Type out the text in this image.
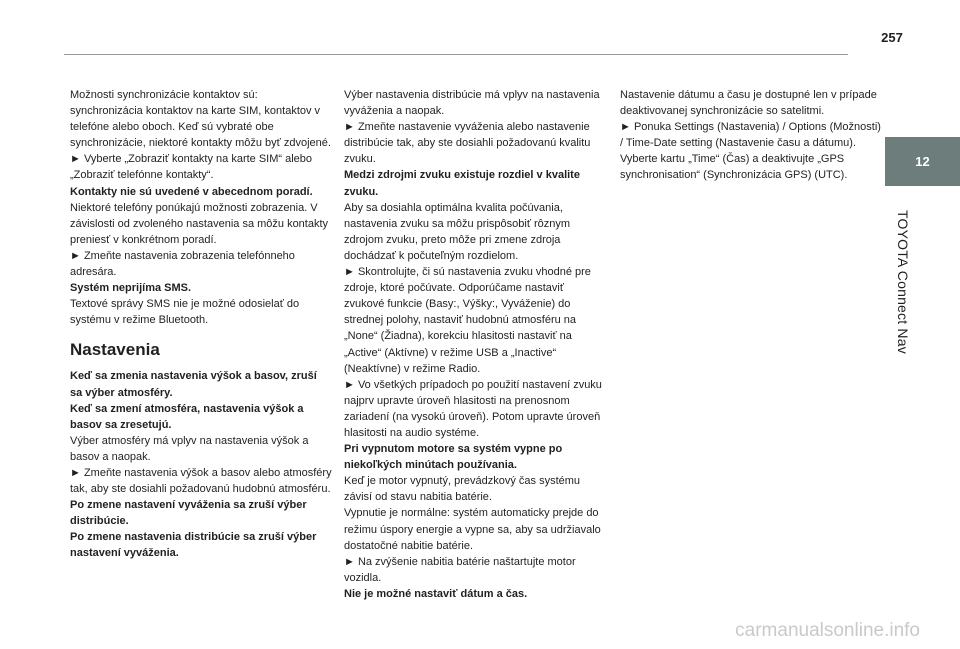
257
12
TOYOTA Connect Nav

Možnosti synchronizácie kontaktov sú: synchronizácia kontaktov na karte SIM, kontaktov v telefóne alebo oboch. Keď sú vybraté obe synchronizácie, niektoré kontakty môžu byť zdvojené.

► Vyberte „Zobraziť kontakty na karte SIM“ alebo „Zobraziť telefónne kontakty“.

Kontakty nie sú uvedené v abecednom poradí.

Niektoré telefóny ponúkajú možnosti zobrazenia. V závislosti od zvoleného nastavenia sa môžu kontakty preniesť v konkrétnom poradí.

► Zmeňte nastavenia zobrazenia telefónneho adresára.

Systém neprijíma SMS.

Textové správy SMS nie je možné odosielať do systému v režime Bluetooth.

Nastavenia

Keď sa zmenia nastavenia výšok a basov, zruší sa výber atmosféry.

Keď sa zmení atmosféra, nastavenia výšok a basov sa zresetujú.

Výber atmosféry má vplyv na nastavenia výšok a basov a naopak.

► Zmeňte nastavenia výšok a basov alebo atmosféry tak, aby ste dosiahli požadovanú hudobnú atmosféru.

Po zmene nastavení vyváženia sa zruší výber distribúcie.

Po zmene nastavenia distribúcie sa zruší výber nastavení vyváženia.

Výber nastavenia distribúcie má vplyv na nastavenia vyváženia a naopak.

► Zmeňte nastavenie vyváženia alebo nastavenie distribúcie tak, aby ste dosiahli požadovanú kvalitu zvuku.

Medzi zdrojmi zvuku existuje rozdiel v kvalite zvuku.

Aby sa dosiahla optimálna kvalita počúvania, nastavenia zvuku sa môžu prispôsobiť rôznym zdrojom zvuku, preto môže pri zmene zdroja dochádzať k počuteľným rozdielom.

► Skontrolujte, či sú nastavenia zvuku vhodné pre zdroje, ktoré počúvate. Odporúčame nastaviť zvukové funkcie (Basy:, Výšky:, Vyváženie) do strednej polohy, nastaviť hudobnú atmosféru na „None“ (Žiadna), korekciu hlasitosti nastaviť na „Active“ (Aktívne) v režime USB a „Inactive“ (Neaktívne) v režime Radio.

► Vo všetkých prípadoch po použití nastavení zvuku najprv upravte úroveň hlasitosti na prenosnom zariadení (na vysokú úroveň). Potom upravte úroveň hlasitosti na audio systéme.

Pri vypnutom motore sa systém vypne po niekoľkých minútach používania.

Keď je motor vypnutý, prevádzkový čas systému závisí od stavu nabitia batérie.

Vypnutie je normálne: systém automaticky prejde do režimu úspory energie a vypne sa, aby sa udržiavalo dostatočné nabitie batérie.

► Na zvýšenie nabitia batérie naštartujte motor vozidla.

Nie je možné nastaviť dátum a čas.

Nastavenie dátumu a času je dostupné len v prípade deaktivovanej synchronizácie so satelitmi.

► Ponuka Settings (Nastavenia) / Options (Možnosti) / Time-Date setting (Nastavenie času a dátumu). Vyberte kartu „Time“ (Čas) a deaktivujte „GPS synchronisation“ (Synchronizácia GPS) (UTC).

carmanualsonline.info
